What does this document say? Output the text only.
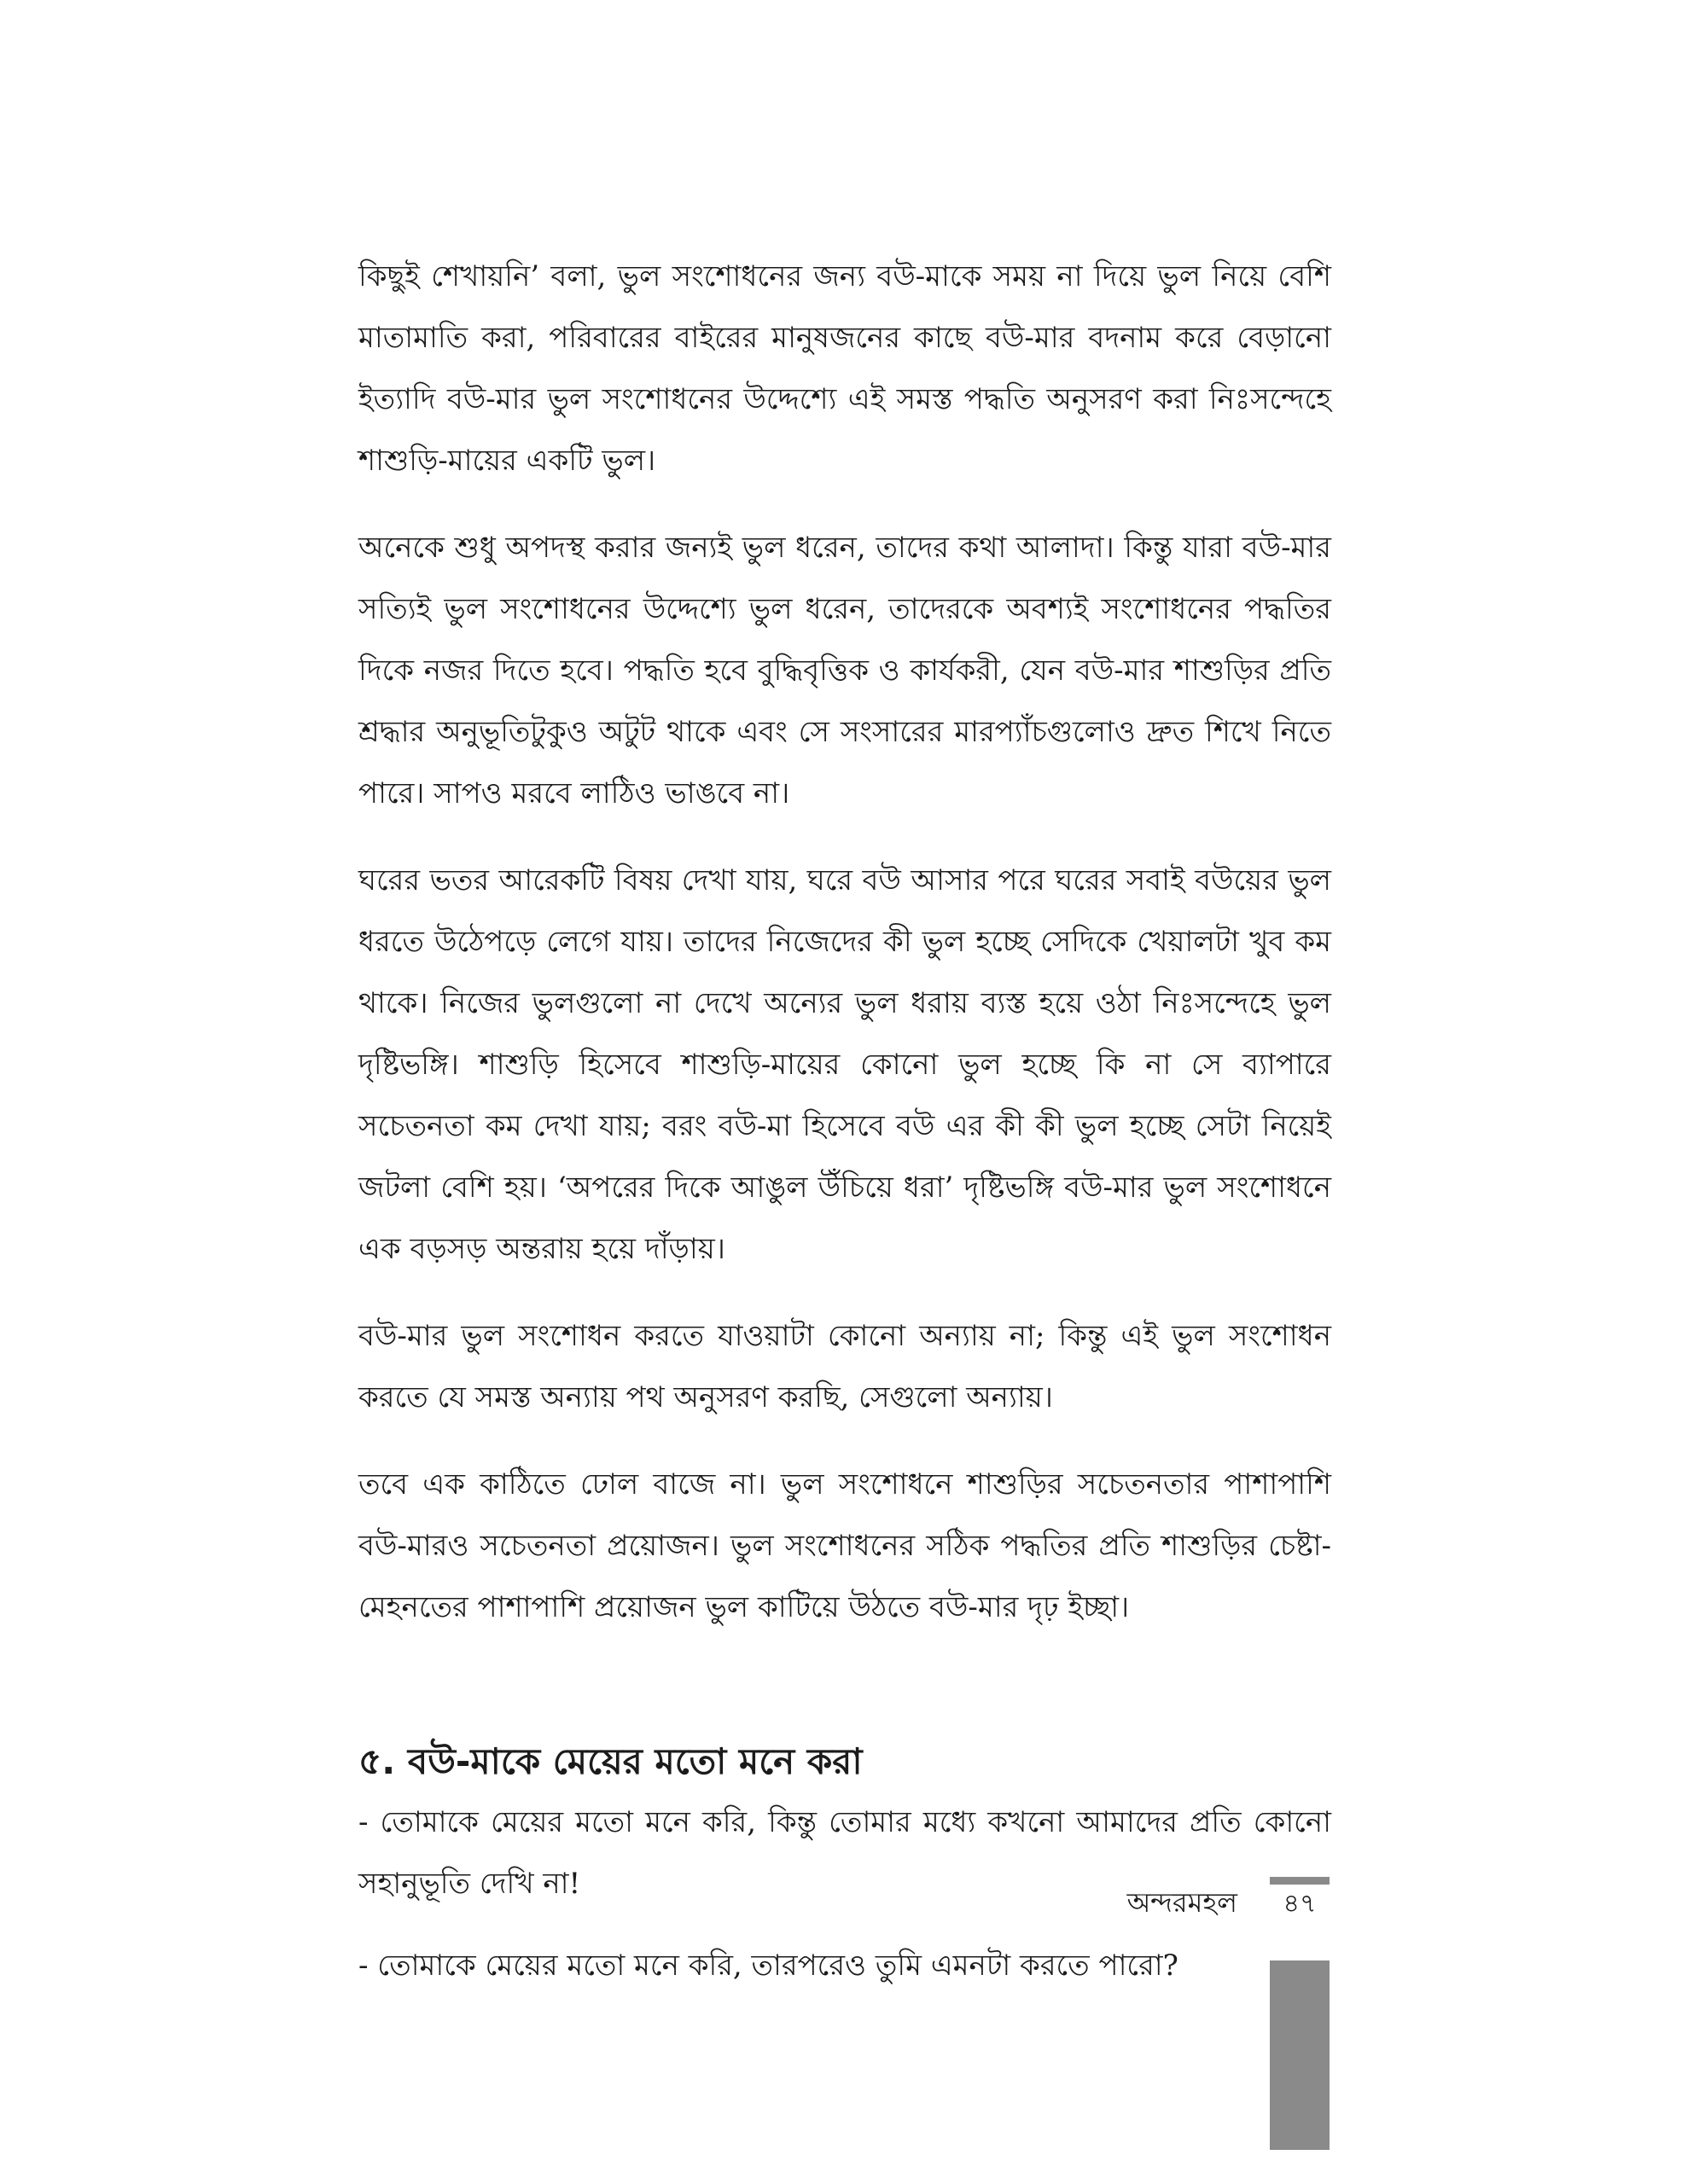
কিছুই শেখায়নি’ বলা, ভুল সংশোধনের জন্য বউ-মাকে সময় না দিয়ে ভুল নিয়ে বেশি মাতামাতি করা, পরিবারের বাইরের মানুষজনের কাছে বউ-মার বদনাম করে বেড়ানো ইত্যাদি বউ-মার ভুল সংশোধনের উদ্দেশ্যে এই সমস্ত পদ্ধতি অনুসরণ করা নিঃসন্দেহে শাশুড়ি-মায়ের একটি ভুল।

অনেকে শুধু অপদস্থ করার জন্যই ভুল ধরেন, তাদের কথা আলাদা। কিন্তু যারা বউ-মার সত্যিই ভুল সংশোধনের উদ্দেশ্যে ভুল ধরেন, তাদেরকে অবশ্যই সংশোধনের পদ্ধতির দিকে নজর দিতে হবে। পদ্ধতি হবে বুদ্ধিবৃত্তিক ও কার্যকরী, যেন বউ-মার শাশুড়ির প্রতি শ্রদ্ধার অনুভূতিটুকুও অটুট থাকে এবং সে সংসারের মারপ্যাঁচগুলোও দ্রুত শিখে নিতে পারে। সাপও মরবে লাঠিও ভাঙবে না।

ঘরের ভতর আরেকটি বিষয় দেখা যায়, ঘরে বউ আসার পরে ঘরের সবাই বউয়ের ভুল ধরতে উঠেপড়ে লেগে যায়। তাদের নিজেদের কী ভুল হচ্ছে সেদিকে খেয়ালটা খুব কম থাকে। নিজের ভুলগুলো না দেখে অন্যের ভুল ধরায় ব্যস্ত হয়ে ওঠা নিঃসন্দেহে ভুল দৃষ্টিভঙ্গি। শাশুড়ি হিসেবে শাশুড়ি-মায়ের কোনো ভুল হচ্ছে কি না সে ব্যাপারে সচেতনতা কম দেখা যায়; বরং বউ-মা হিসেবে বউ এর কী কী ভুল হচ্ছে সেটা নিয়েই জটলা বেশি হয়। ‘অপরের দিকে আঙুল উঁচিয়ে ধরা’ দৃষ্টিভঙ্গি বউ-মার ভুল সংশোধনে এক বড়সড় অন্তরায় হয়ে দাঁড়ায়।

বউ-মার ভুল সংশোধন করতে যাওয়াটা কোনো অন্যায় না; কিন্তু এই ভুল সংশোধন করতে যে সমস্ত অন্যায় পথ অনুসরণ করছি, সেগুলো অন্যায়।

তবে এক কাঠিতে ঢোল বাজে না। ভুল সংশোধনে শাশুড়ির সচেতনতার পাশাপাশি বউ-মারও সচেতনতা প্রয়োজন। ভুল সংশোধনের সঠিক পদ্ধতির প্রতি শাশুড়ির চেষ্টা-মেহনতের পাশাপাশি প্রয়োজন ভুল কাটিয়ে উঠতে বউ-মার দৃঢ় ইচ্ছা।

৫. বউ-মাকে মেয়ের মতো মনে করা

- তোমাকে মেয়ের মতো মনে করি, কিন্তু তোমার মধ্যে কখনো আমাদের প্রতি কোনো সহানুভূতি দেখি না!

- তোমাকে মেয়ের মতো মনে করি, তারপরেও তুমি এমনটা করতে পারো?

অন্দরমহল	৪৭
